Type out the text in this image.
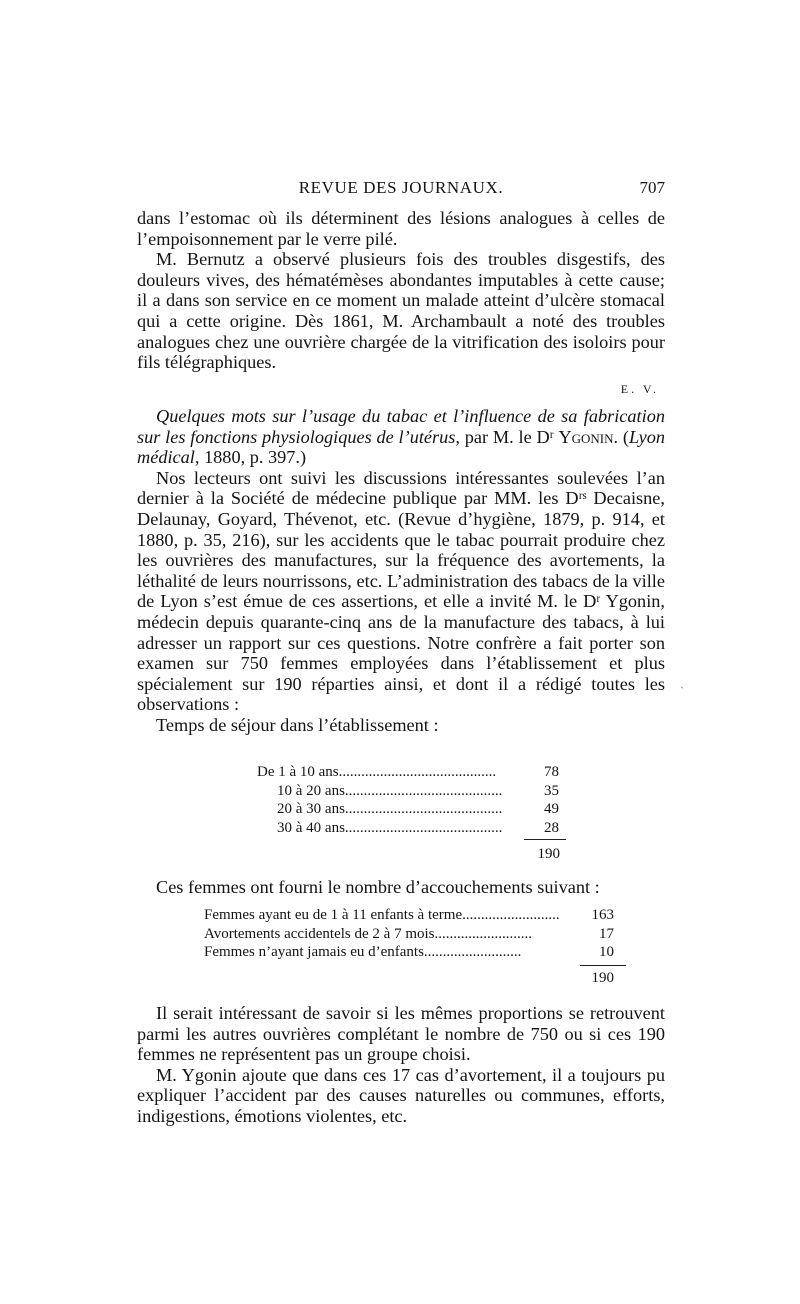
REVUE DES JOURNAUX.	707

dans l’estomac où ils déterminent des lésions analogues à celles de l’empoisonnement par le verre pilé.

M. Bernutz a observé plusieurs fois des troubles disgestifs, des douleurs vives, des hématémèses abondantes imputables à cette cause; il a dans son service en ce moment un malade atteint d’ulcère stomacal qui a cette origine. Dès 1861, M. Archambault a noté des troubles analogues chez une ouvrière chargée de la vitrification des isoloirs pour fils télégraphiques.

E. V.

Quelques mots sur l’usage du tabac et l’influence de sa fabrication sur les fonctions physiologiques de l’utérus, par M. le Dʳ Ygonin. (Lyon médical, 1880, p. 397.)

Nos lecteurs ont suivi les discussions intéressantes soulevées l’an dernier à la Société de médecine publique par MM. les Dʳˢ Decaisne, Delaunay, Goyard, Thévenot, etc. (Revue d’hygiène, 1879, p. 914, et 1880, p. 35, 216), sur les accidents que le tabac pourrait produire chez les ouvrières des manufactures, sur la fréquence des avortements, la léthalité de leurs nourrissons, etc. L’administration des tabacs de la ville de Lyon s’est émue de ces assertions, et elle a invité M. le Dʳ Ygonin, médecin depuis quarante-cinq ans de la manufacture des tabacs, à lui adresser un rapport sur ces questions. Notre confrère a fait porter son examen sur 750 femmes employées dans l’établissement et plus spécialement sur 190 réparties ainsi, et dont il a rédigé toutes les observations :

Temps de séjour dans l’établissement :

De 1 à 10 ans..........................................	78
10 à 20 ans..........................................	35
20 à 30 ans..........................................	49
30 à 40 ans..........................................	28
190

Ces femmes ont fourni le nombre d’accouchements suivant :

Femmes ayant eu de 1 à 11 enfants à terme..........................	163
Avortements accidentels de 2 à 7 mois..........................	17
Femmes n’ayant jamais eu d’enfants..........................	10
190

Il serait intéressant de savoir si les mêmes proportions se retrouvent parmi les autres ouvrières complétant le nombre de 750 ou si ces 190 femmes ne représentent pas un groupe choisi.

M. Ygonin ajoute que dans ces 17 cas d’avortement, il a toujours pu expliquer l’accident par des causes naturelles ou communes, efforts, indigestions, émotions violentes, etc.

`
